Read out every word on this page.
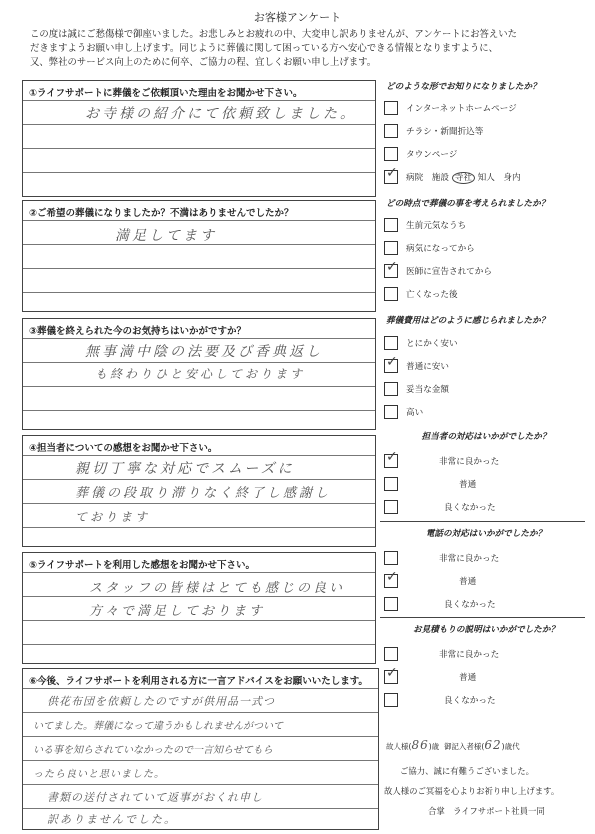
お客様アンケート
この度は誠にご愁傷様で御座いました。お悲しみとお疲れの中、大変申し訳ありませんが、アンケートにお答えいた
だきますようお願い申し上げます。同じように葬儀に関して困っている方へ安心できる情報となりますように、
又、弊社のサービス向上のために何卒、ご協力の程、宜しくお願い申し上げます。
①ライフサポートに葬儀をご依頼頂いた理由をお聞かせ下さい。
お寺様の紹介にて依頼致しました。
②ご希望の葬儀になりましたか？不満はありませんでしたか？
満足してます
③葬儀を終えられた今のお気持ちはいかがですか？
無事満中陰の法要及び香典返し
も終わりひと安心しております
④担当者についての感想をお聞かせ下さい。
親切丁寧な対応でスムーズに
葬儀の段取り滞りなく終了し感謝し
ております
⑤ライフサポートを利用した感想をお聞かせ下さい。
スタッフの皆様はとても感じの良い
方々で満足しております
⑥今後、ライフサポートを利用される方に一言アドバイスをお願いいたします。
供花布団を依頼したのですが供用品一式つ
いてました。葬儀になって違うかもしれませんがついて
いる事を知らされていなかったので一言知らせてもら
ったら良いと思いました。
書類の送付されていて返事がおくれ申し
訳ありませんでした。
どのような形でお知りになりましたか？
インターネットホームページ
チラシ・新聞折込等
タウンページ
✓ 病院　施設 寺社 知人　身内
どの時点で葬儀の事を考えられましたか？
生前元気なうち
病気になってから
✓ 医師に宣告されてから
亡くなった後
葬儀費用はどのように感じられましたか？
とにかく安い
✓ 普通に安い
妥当な金額
高い
担当者の対応はいかがでしたか？
✓	非常に良かった
普通
良くなかった
電話の対応はいかがでしたか？
非常に良かった
✓	普通
良くなかった
お見積もりの説明はいかがでしたか？
非常に良かった
✓	普通
良くなかった
故人様(86)歳 御記入者様(62)歳代
ご協力、誠に有難うございました。
故人様のご冥福を心よりお祈り申し上げます。
合掌　ライフサポート社員一同
